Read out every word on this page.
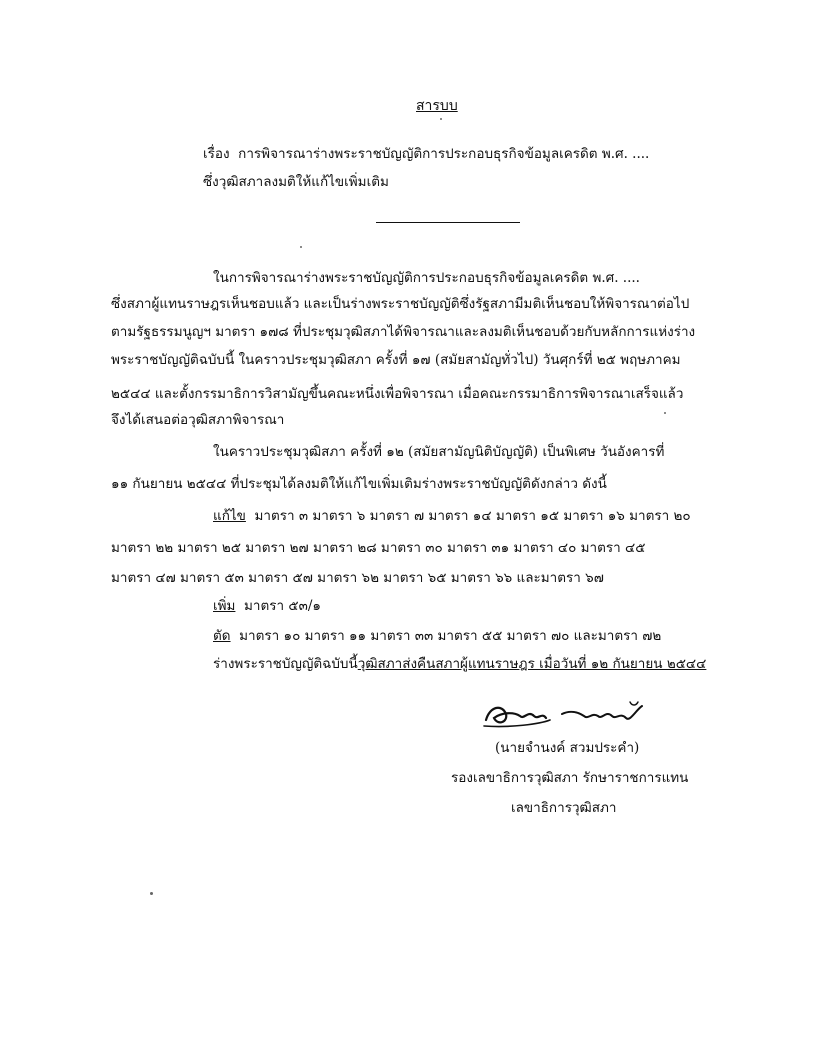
สารบบ
เรื่อง การพิจารณาร่างพระราชบัญญัติการประกอบธุรกิจข้อมูลเครดิต พ.ศ. ....
ซึ่งวุฒิสภาลงมติให้แก้ไขเพิ่มเติม
ในการพิจารณาร่างพระราชบัญญัติการประกอบธุรกิจข้อมูลเครดิต พ.ศ. ....
ซึ่งสภาผู้แทนราษฎรเห็นชอบแล้ว และเป็นร่างพระราชบัญญัติซึ่งรัฐสภามีมติเห็นชอบให้พิจารณาต่อไป
ตามรัฐธรรมนูญฯ มาตรา ๑๗๘ ที่ประชุมวุฒิสภาได้พิจารณาและลงมติเห็นชอบด้วยกับหลักการแห่งร่าง
พระราชบัญญัติฉบับนี้ ในคราวประชุมวุฒิสภา ครั้งที่ ๑๗ (สมัยสามัญทั่วไป) วันศุกร์ที่ ๒๕ พฤษภาคม
๒๕๔๔ และตั้งกรรมาธิการวิสามัญขึ้นคณะหนึ่งเพื่อพิจารณา เมื่อคณะกรรมาธิการพิจารณาเสร็จแล้ว
จึงได้เสนอต่อวุฒิสภาพิจารณา
ในคราวประชุมวุฒิสภา ครั้งที่ ๑๒ (สมัยสามัญนิติบัญญัติ) เป็นพิเศษ วันอังคารที่
๑๑ กันยายน ๒๕๔๔ ที่ประชุมได้ลงมติให้แก้ไขเพิ่มเติมร่างพระราชบัญญัติดังกล่าว ดังนี้
แก้ไข มาตรา ๓ มาตรา ๖ มาตรา ๗ มาตรา ๑๔ มาตรา ๑๕ มาตรา ๑๖ มาตรา ๒๐
มาตรา ๒๒ มาตรา ๒๕ มาตรา ๒๗ มาตรา ๒๘ มาตรา ๓๐ มาตรา ๓๑ มาตรา ๔๐ มาตรา ๔๕
มาตรา ๔๗ มาตรา ๕๓ มาตรา ๕๗ มาตรา ๖๒ มาตรา ๖๕ มาตรา ๖๖ และมาตรา ๖๗
เพิ่ม มาตรา ๕๓/๑
ตัด มาตรา ๑๐ มาตรา ๑๑ มาตรา ๓๓ มาตรา ๕๕ มาตรา ๗๐ และมาตรา ๗๒
ร่างพระราชบัญญัติฉบับนี้วุฒิสภาส่งคืนสภาผู้แทนราษฎร เมื่อวันที่ ๑๒ กันยายน ๒๕๔๔
(นายจำนงค์ สวมประคำ)
รองเลขาธิการวุฒิสภา รักษาราชการแทน
เลขาธิการวุฒิสภา
